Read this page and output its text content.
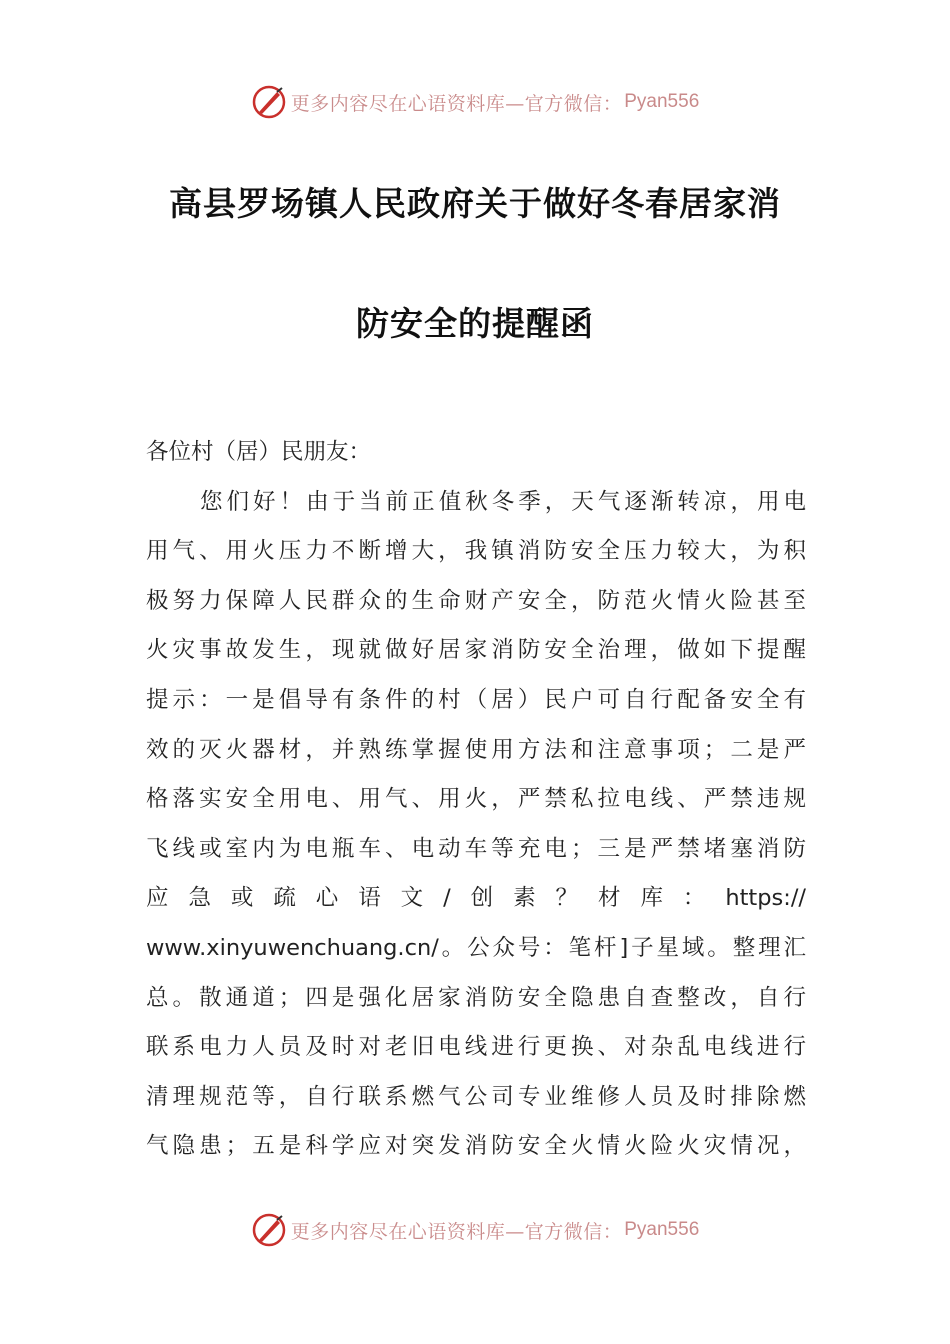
更多内容尽在心语资料库—官方微信： Pyan556
高县罗场镇人民政府关于做好冬春居家消
防安全的提醒函
各位村（居）民朋友：
您们好！由于当前正值秋冬季，天气逐渐转凉，用电
用气、用火压力不断增大，我镇消防安全压力较大，为积
极努力保障人民群众的生命财产安全，防范火情火险甚至
火灾事故发生，现就做好居家消防安全治理，做如下提醒
提示：一是倡导有条件的村（居）民户可自行配备安全有
效的灭火器材，并熟练掌握使用方法和注意事项；二是严
格落实安全用电、用气、用火，严禁私拉电线、严禁违规
飞线或室内为电瓶车、电动车等充电；三是严禁堵塞消防
应急或疏心语文/创素？材库：https://
www.xinyuwenchuang.cn/。公众号：笔杆]子星域。整理汇
总。散通道；四是强化居家消防安全隐患自查整改，自行
联系电力人员及时对老旧电线进行更换、对杂乱电线进行
清理规范等，自行联系燃气公司专业维修人员及时排除燃
气隐患；五是科学应对突发消防安全火情火险火灾情况，
更多内容尽在心语资料库—官方微信： Pyan556
